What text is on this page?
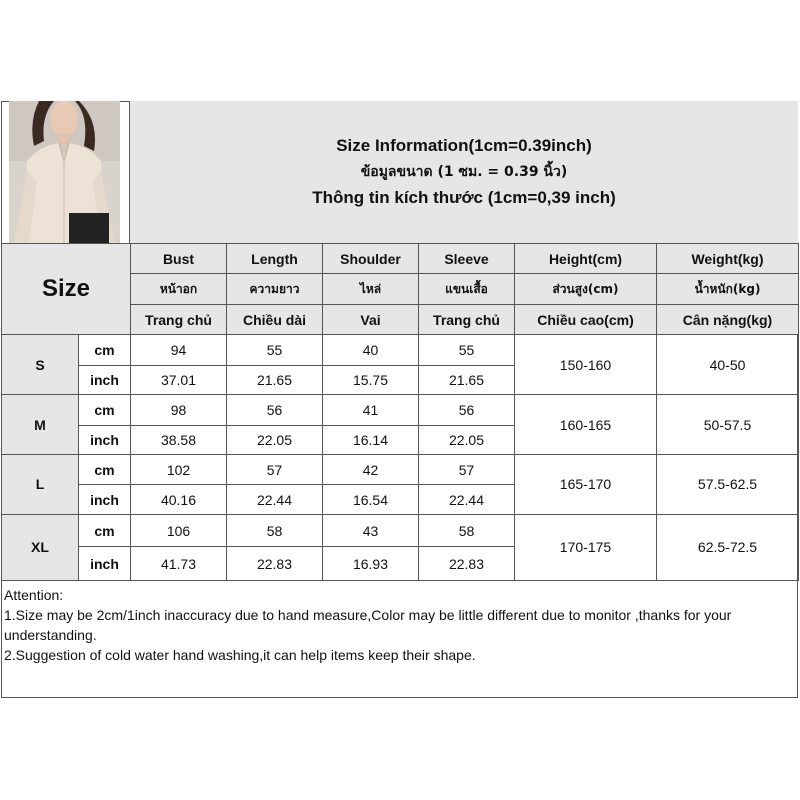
Size Information(1cm=0.39inch)
ข้อมูลขนาด (1 ซม. = 0.39 นิ้ว)
Thông tin kích thước (1cm=0,39 inch)
Size		Bust	Length	Shoulder	Sleeve	Height(cm)	Weight(kg)
		หน้าอก	ความยาว	ไหล่	แขนเสื้อ	ส่วนสูง(cm)	น้ำหนัก(kg)
		Trang chủ	Chiều dài	Vai	Trang chủ	Chiều cao(cm)	Cân nặng(kg)
S	cm	94	55	40	55	150-160	40-50
	inch	37.01	21.65	15.75	21.65		
M	cm	98	56	41	56	160-165	50-57.5
	inch	38.58	22.05	16.14	22.05		
L	cm	102	57	42	57	165-170	57.5-62.5
	inch	40.16	22.44	16.54	22.44		
XL	cm	106	58	43	58	170-175	62.5-72.5
	inch	41.73	22.83	16.93	22.83		
Attention:
1.Size may be 2cm/1inch inaccuracy due to hand measure,Color may be little different due to monitor ,thanks for your understanding.
2.Suggestion of cold water hand washing,it can help items keep their shape.
